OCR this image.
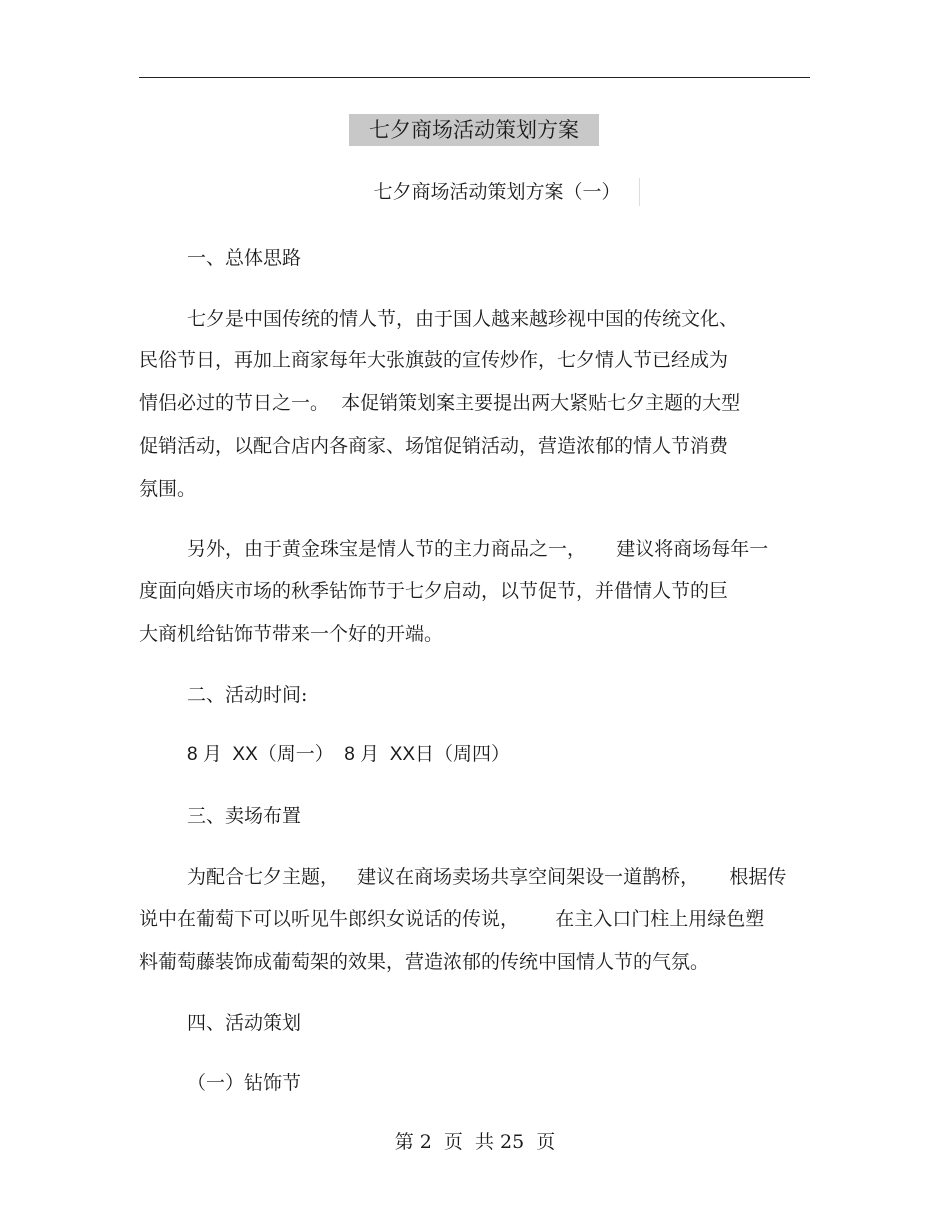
七夕商场活动策划方案
七夕商场活动策划方案（一）

一、总体思路

七夕是中国传统的情人节，由于国人越来越珍视中国的传统文化、

民俗节日，再加上商家每年大张旗鼓的宣传炒作，七夕情人节已经成为

情侣必过的节日之一。  本促销策划案主要提出两大紧贴七夕主题的大型

促销活动，以配合店内各商家、场馆促销活动，营造浓郁的情人节消费

氛围。

另外，由于黄金珠宝是情人节的主力商品之一，     建议将商场每年一

度面向婚庆市场的秋季钻饰节于七夕启动，以节促节，并借情人节的巨

大商机给钻饰节带来一个好的开端。

二、活动时间:

8 月  XX（周一）  8 月  XX日（周四）

三、卖场布置

为配合七夕主题，   建议在商场卖场共享空间架设一道鹊桥，     根据传

说中在葡萄下可以听见牛郎织女说话的传说，      在主入口门柱上用绿色塑

料葡萄藤装饰成葡萄架的效果，营造浓郁的传统中国情人节的气氛。

四、活动策划

（一）钻饰节

第 2  页  共 25  页
